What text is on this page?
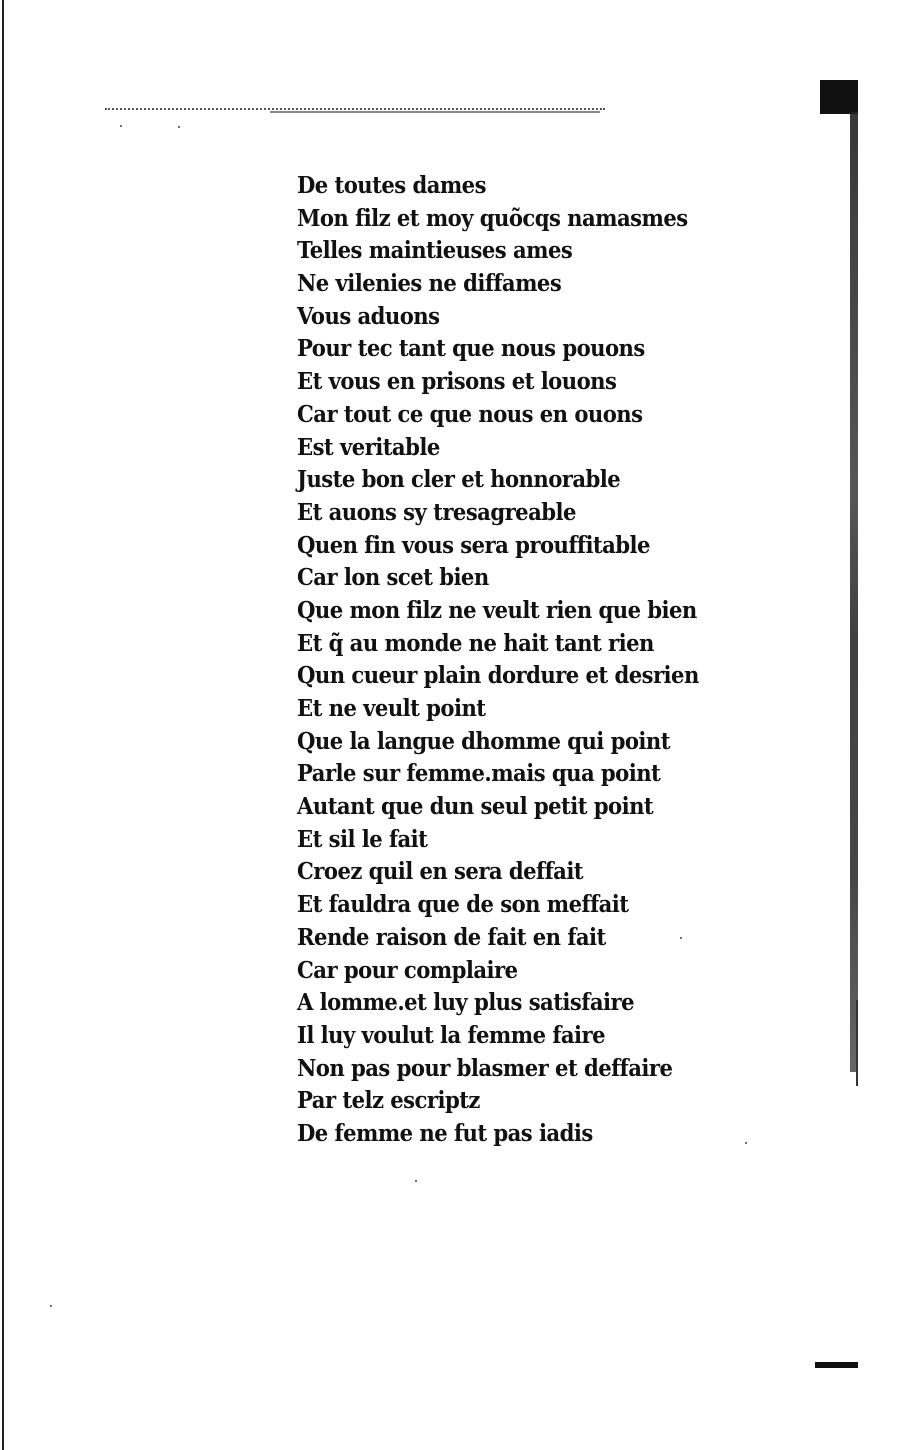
De toutes dames
Mon filz et moy quõcqs namasmes
Telles maintieuses ames
Ne vilenies ne diffames
Vous aduons
Pour tec tant que nous pouons
Et vous en prisons et louons
Car tout ce que nous en ouons
Est veritable
Juste bon cler et honnorable
Et auons sy tresagreable
Quen fin vous sera prouffitable
Car lon scet bien
Que mon filz ne veult rien que bien
Et q̃ au monde ne hait tant rien
Qun cueur plain dordure et desrien
Et ne veult point
Que la langue dhomme qui point
Parle sur femme.mais qua point
Autant que dun seul petit point
Et sil le fait
Croez quil en sera deffait
Et fauldra que de son meffait
Rende raison de fait en fait
Car pour complaire
A lomme.et luy plus satisfaire
Il luy voulut la femme faire
Non pas pour blasmer et deffaire
Par telz escriptz
De femme ne fut pas iadis
